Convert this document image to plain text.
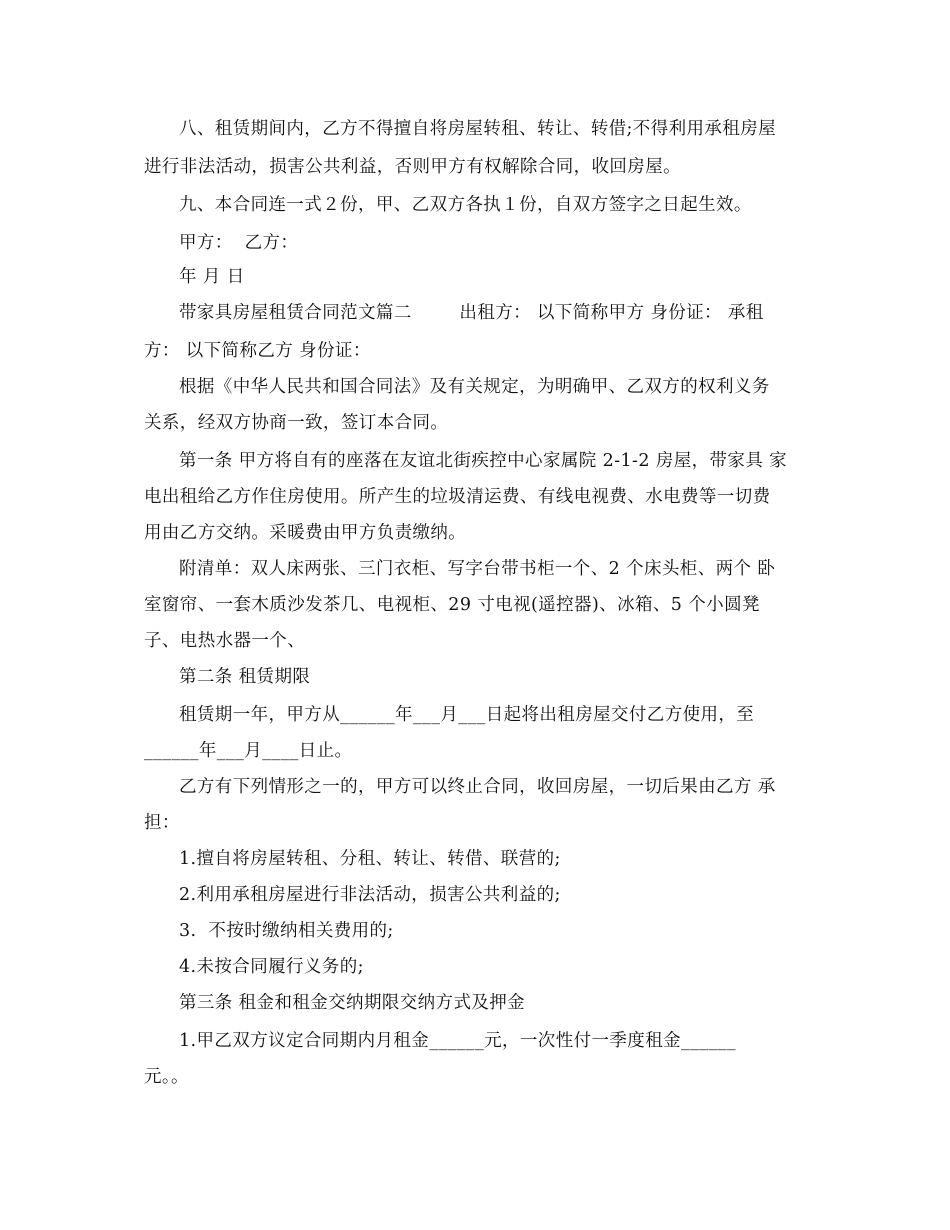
八、租赁期间内，乙方不得擅自将房屋转租、转让、转借;不得利用承租房屋
进行非法活动，损害公共利益，否则甲方有权解除合同，收回房屋。
九、本合同连一式２份，甲、乙双方各执１份，自双方签字之日起生效。
甲方：  乙方：
年 月 日
带家具房屋租赁合同范文篇二        出租方： 以下简称甲方 身份证： 承租
方： 以下简称乙方 身份证：
根据《中华人民共和国合同法》及有关规定，为明确甲、乙双方的权利义务
关系，经双方协商一致，签订本合同。
第一条 甲方将自有的座落在友谊北街疾控中心家属院 2-1-2 房屋，带家具 家
电出租给乙方作住房使用。所产生的垃圾清运费、有线电视费、水电费等一切费
用由乙方交纳。采暖费由甲方负责缴纳。
附清单：双人床两张、三门衣柜、写字台带书柜一个、2 个床头柜、两个 卧
室窗帘、一套木质沙发茶几、电视柜、29 寸电视(遥控器)、冰箱、5 个小圆凳
子、电热水器一个、
第二条 租赁期限
租赁期一年，甲方从______年___月___日起将出租房屋交付乙方使用，至
______年___月____日止。
乙方有下列情形之一的，甲方可以终止合同，收回房屋，一切后果由乙方 承
担：
1.擅自将房屋转租、分租、转让、转借、联营的;
2.利用承租房屋进行非法活动，损害公共利益的;
3.  不按时缴纳相关费用的;
4.未按合同履行义务的;
第三条 租金和租金交纳期限交纳方式及押金
1.甲乙双方议定合同期内月租金______元，一次性付一季度租金______
元。。
